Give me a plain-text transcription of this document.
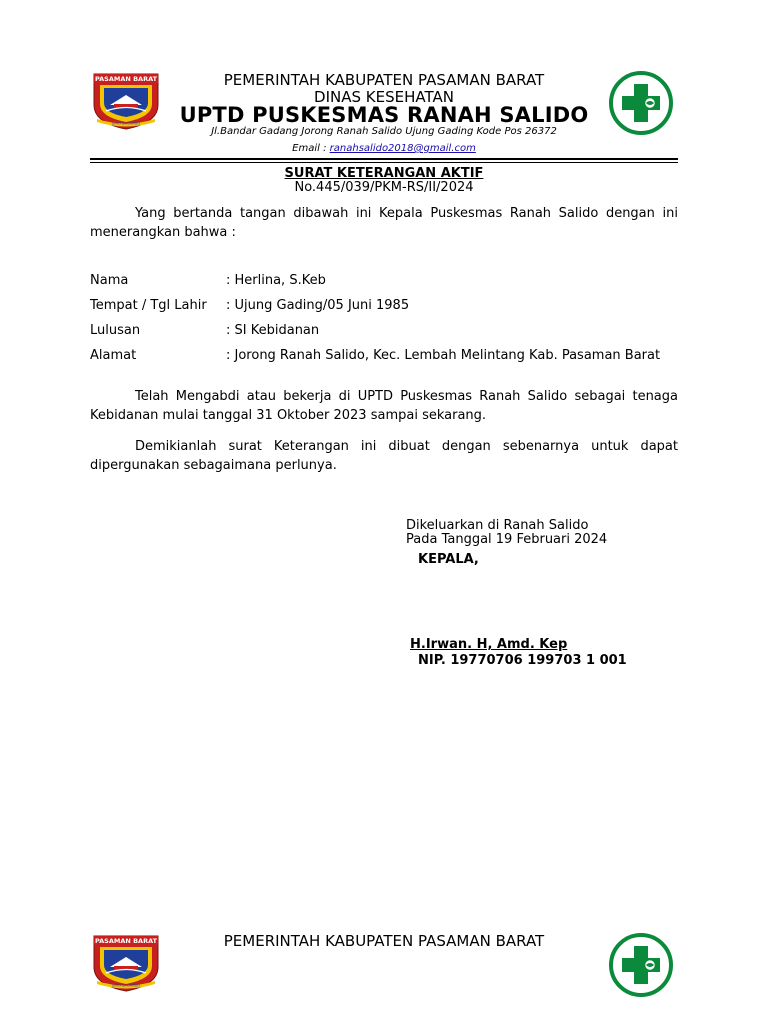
PASAMAN BARAT
SAYO BAGANDO
PEMERINTAH KABUPATEN PASAMAN BARAT
DINAS KESEHATAN
UPTD PUSKESMAS RANAH SALIDO
Jl.Bandar Gadang Jorong Ranah Salido Ujung Gading Kode Pos 26372
Email : ranahsalido2018@gmail.com
SURAT KETERANGAN AKTIF
No.445/039/PKM-RS/II/2024

Yang bertanda tangan dibawah ini Kepala Puskesmas Ranah Salido dengan ini menerangkan bahwa :

Nama	: Herlina, S.Keb
Tempat / Tgl Lahir : Ujung Gading/05 Juni 1985
Lulusan	: SI Kebidanan
Alamat	: Jorong Ranah Salido, Kec. Lembah Melintang Kab. Pasaman Barat

Telah Mengabdi atau bekerja di UPTD Puskesmas Ranah Salido sebagai tenaga Kebidanan mulai tanggal 31 Oktober 2023 sampai sekarang.

Demikianlah surat Keterangan ini dibuat dengan sebenarnya untuk dapat dipergunakan sebagaimana perlunya.

Dikeluarkan di Ranah Salido
Pada Tanggal 19 Februari 2024
KEPALA,
H.Irwan. H, Amd. Kep
NIP. 19770706 199703 1 001
PASAMAN BARAT
SAYO BAGANDO
PEMERINTAH KABUPATEN PASAMAN BARAT
